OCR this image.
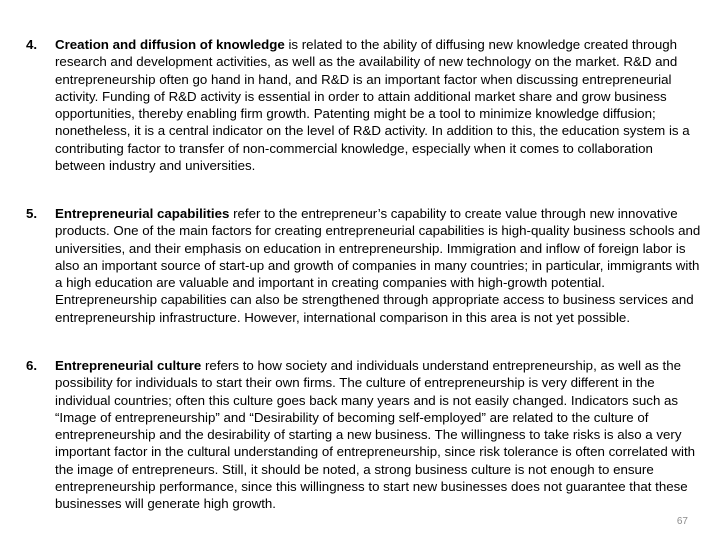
4. Creation and diffusion of knowledge is related to the ability of diffusing new knowledge created through research and development activities, as well as the availability of new technology on the market. R&D and entrepreneurship often go hand in hand, and R&D is an important factor when discussing entrepreneurial activity. Funding of R&D activity is essential in order to attain additional market share and grow business opportunities, thereby enabling firm growth. Patenting might be a tool to minimize knowledge diffusion; nonetheless, it is a central indicator on the level of R&D activity. In addition to this, the education system is a contributing factor to transfer of non-commercial knowledge, especially when it comes to collaboration between industry and universities.
5. Entrepreneurial capabilities refer to the entrepreneur’s capability to create value through new innovative products. One of the main factors for creating entrepreneurial capabilities is high-quality business schools and universities, and their emphasis on education in entrepreneurship. Immigration and inflow of foreign labor is also an important source of start-up and growth of companies in many countries; in particular, immigrants with a high education are valuable and important in creating companies with high-growth potential. Entrepreneurship capabilities can also be strengthened through appropriate access to business services and entrepreneurship infrastructure. However, international comparison in this area is not yet possible.
6. Entrepreneurial culture refers to how society and individuals understand entrepreneurship, as well as the possibility for individuals to start their own firms. The culture of entrepreneurship is very different in the individual countries; often this culture goes back many years and is not easily changed. Indicators such as “Image of entrepreneurship” and “Desirability of becoming self-employed” are related to the culture of entrepreneurship and the desirability of starting a new business. The willingness to take risks is also a very important factor in the cultural understanding of entrepreneurship, since risk tolerance is often correlated with the image of entrepreneurs. Still, it should be noted, a strong business culture is not enough to ensure entrepreneurship performance, since this willingness to start new businesses does not guarantee that these businesses will generate high growth.
67
